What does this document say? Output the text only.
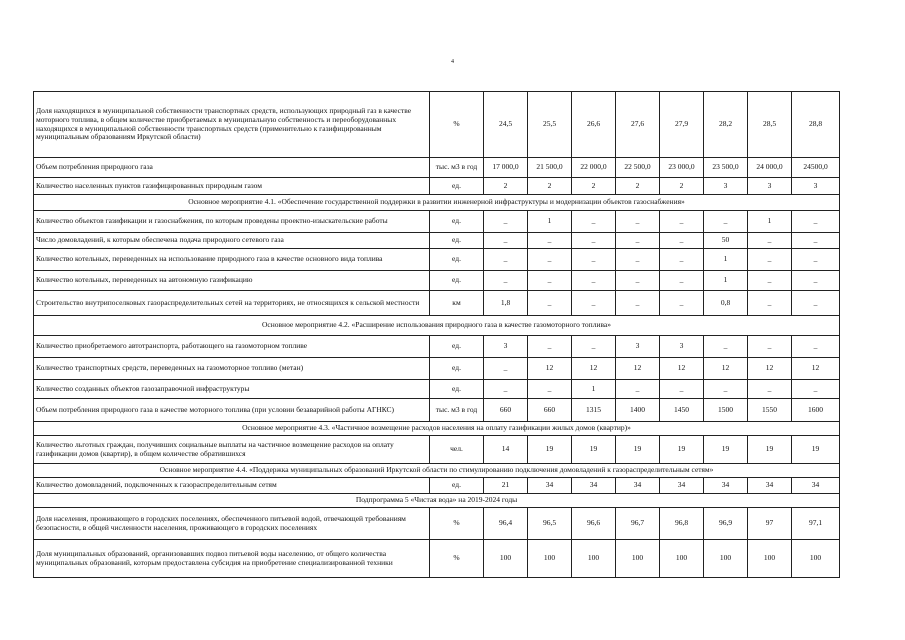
4
Доля находящихся в муниципальной собственности транспортных средств, использующих природный газ в качестве моторного топлива, в общем количестве приобретаемых в муниципальную собственность и переоборудованных находящихся в муниципальной собственности транспортных средств (применительно к газифицированным муниципальным образованиям Иркутской области)	%	24,5	25,5	26,6	27,6	27,9	28,2	28,5	28,8
Объем потребления природного газа	тыс. м3 в год	17 000,0	21 500,0	22 000,0	22 500,0	23 000,0	23 500,0	24 000,0	24500,0
Количество населенных пунктов газифицированных природным газом	ед.	2	2	2	2	2	3	3	3
Основное мероприятие 4.1. «Обеспечение государственной поддержки в развитии инженерной инфраструктуры и модернизации объектов газоснабжения»									
Количество объектов газификации и газоснабжения, по которым проведены проектно-изыскательские работы	ед.	_	1	_	_	_	_	1	_
Число домовладений, к которым обеспечена подача природного сетевого газа	ед.	_	_	_	_	_	50	_	_
Количество котельных, переведенных на использование природного газа в качестве основного вида топлива	ед.	_	_	_	_	_	1	_	_
Количество котельных, переведенных на автономную газификацию	ед.	_	_	_	_	_	1	_	_
Строительство внутрипоселковых газораспределительных сетей на территориях, не относящихся к сельской местности	км	1,8	_	_	_	_	0,8	_	_
Основное мероприятие 4.2. «Расширение использования природного газа в качестве газомоторного топлива»									
Количество приобретаемого автотранспорта, работающего на газомоторном топливе	ед.	3	_	_	3	3	_	_	_
Количество транспортных средств, переведенных на газомоторное топливо (метан)	ед.	_	12	12	12	12	12	12	12
Количество созданных объектов газозаправочной инфраструктуры	ед.	_	_	1	_	_	_	_	_
Объем потребления природного газа в качестве моторного топлива (при условии безаварийной работы АГНКС)	тыс. м3 в год	660	660	1315	1400	1450	1500	1550	1600
Основное мероприятие 4.3. «Частичное возмещение расходов населения на оплату газификации жилых домов (квартир)»									
Количество льготных граждан, получивших социальные выплаты на частичное возмещение расходов на оплату газификации домов (квартир), в общем количестве обратившихся	чел.	14	19	19	19	19	19	19	19
Основное мероприятие 4.4. «Поддержка муниципальных образований Иркутской области по стимулированию подключения домовладений к газораспределительным сетям»									
Количество домовладений, подключенных к газораспределительным сетям	ед.	21	34	34	34	34	34	34	34
Подпрограмма 5 «Чистая вода» на 2019-2024 годы									
Доля населения, проживающего в городских поселениях, обеспеченного питьевой водой, отвечающей требованиям безопасности, в общей численности населения, проживающего в городских поселениях	%	96,4	96,5	96,6	96,7	96,8	96,9	97	97,1
Доля муниципальных образований, организовавших подвоз питьевой воды населению, от общего количества муниципальных образований, которым предоставлена субсидия на приобретение специализированной техники	%	100	100	100	100	100	100	100	100
